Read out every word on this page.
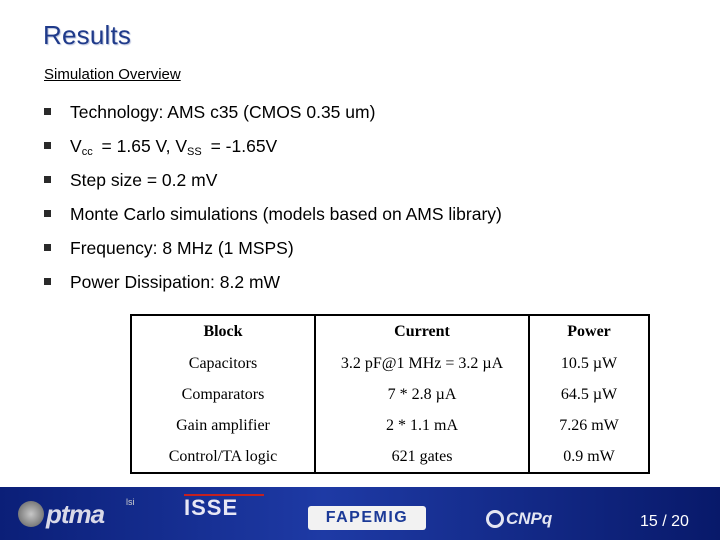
Results
Simulation Overview
Technology: AMS c35 (CMOS 0.35 um)
$V_{cc} = 1.65$ V, $V_{SS} = -1.65V$
Step size = 0.2 mV
Monte Carlo simulations (models based on AMS library)
Frequency: 8 MHz (1 MSPS)
Power Dissipation: 8.2 mW
Block	Current	Power
Capacitors	3.2 pF@1 MHz = 3.2 µA	10.5 µW
Comparators	7 * 2.8 µA	64.5 µW
Gain amplifier	2 * 1.1 mA	7.26 mW
Control/TA logic	621 gates	0.9 mW
ptma lsi ISSE	FAPEMIG	CNPq	15 / 20
